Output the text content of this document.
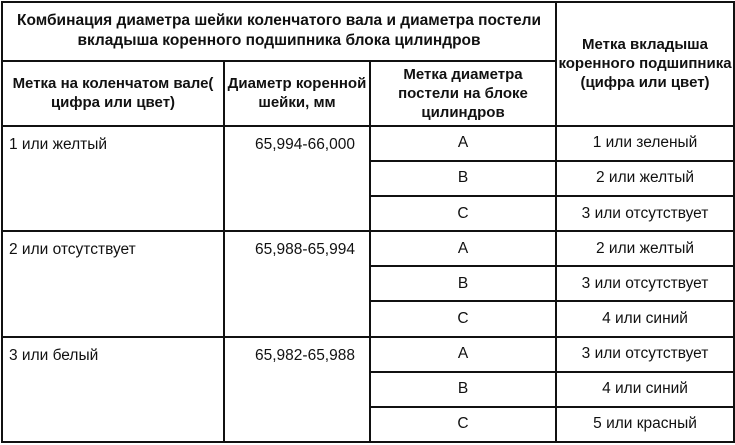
Комбинация диаметра шейки коленчатого вала и диаметра постели вкладыша коренного подшипника блока цилиндров			Метка вкладыша коренного подшипника (цифра или цвет)
Метка на коленчатом вале( цифра или цвет)	Диаметр коренной шейки, мм	Метка диаметра постели на блоке цилиндров	
1 или желтый	65,994-66,000	A	1 или зеленый
		B	2 или желтый
		C	3 или отсутствует
2 или отсутствует	65,988-65,994	A	2 или желтый
		B	3 или отсутствует
		C	4 или синий
3 или белый	65,982-65,988	A	3 или отсутствует
		B	4 или синий
		C	5 или красный
